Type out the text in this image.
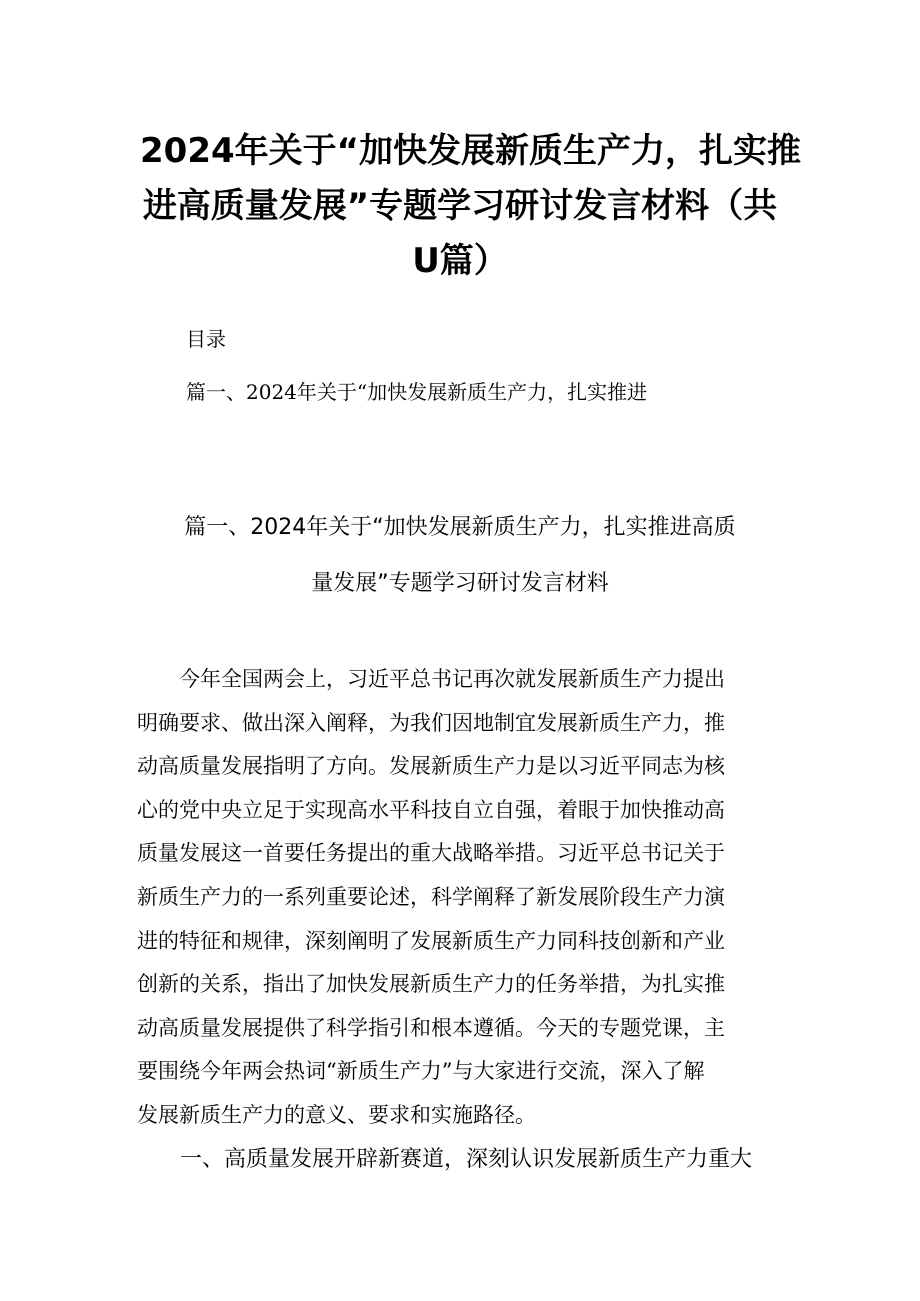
2024年关于“加快发展新质生产力，扎实推
进高质量发展”专题学习研讨发言材料（共
U篇）
目录
篇一、2024年关于“加快发展新质生产力，扎实推进
篇一、2024年关于“加快发展新质生产力，扎实推进高质
量发展”专题学习研讨发言材料
今年全国两会上，习近平总书记再次就发展新质生产力提出
明确要求、做出深入阐释，为我们因地制宜发展新质生产力，推
动高质量发展指明了方向。发展新质生产力是以习近平同志为核
心的党中央立足于实现高水平科技自立自强，着眼于加快推动高
质量发展这一首要任务提出的重大战略举措。习近平总书记关于
新质生产力的一系列重要论述，科学阐释了新发展阶段生产力演
进的特征和规律，深刻阐明了发展新质生产力同科技创新和产业
创新的关系，指出了加快发展新质生产力的任务举措，为扎实推
动高质量发展提供了科学指引和根本遵循。今天的专题党课，主
要围绕今年两会热词“新质生产力”与大家进行交流，深入了解
发展新质生产力的意义、要求和实施路径。
一、高质量发展开辟新赛道，深刻认识发展新质生产力重大
